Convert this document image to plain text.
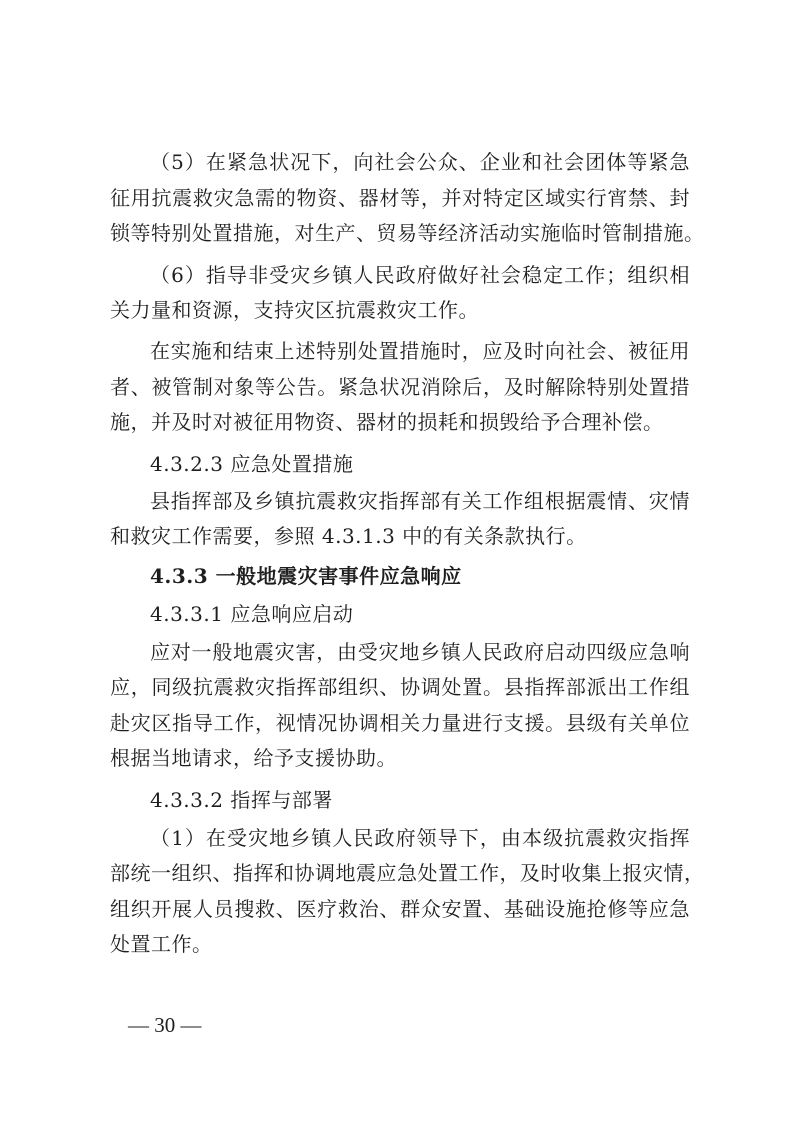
（5）在紧急状况下，向社会公众、企业和社会团体等紧急
征用抗震救灾急需的物资、器材等，并对特定区域实行宵禁、封
锁等特别处置措施，对生产、贸易等经济活动实施临时管制措施。
（6）指导非受灾乡镇人民政府做好社会稳定工作；组织相
关力量和资源，支持灾区抗震救灾工作。
在实施和结束上述特别处置措施时，应及时向社会、被征用
者、被管制对象等公告。紧急状况消除后，及时解除特别处置措
施，并及时对被征用物资、器材的损耗和损毁给予合理补偿。
4.3.2.3 应急处置措施
县指挥部及乡镇抗震救灾指挥部有关工作组根据震情、灾情
和救灾工作需要，参照 4.3.1.3 中的有关条款执行。
4.3.3 一般地震灾害事件应急响应
4.3.3.1 应急响应启动
应对一般地震灾害，由受灾地乡镇人民政府启动四级应急响
应，同级抗震救灾指挥部组织、协调处置。县指挥部派出工作组
赴灾区指导工作，视情况协调相关力量进行支援。县级有关单位
根据当地请求，给予支援协助。
4.3.3.2 指挥与部署
（1）在受灾地乡镇人民政府领导下，由本级抗震救灾指挥
部统一组织、指挥和协调地震应急处置工作，及时收集上报灾情，
组织开展人员搜救、医疗救治、群众安置、基础设施抢修等应急
处置工作。
— 30 —
